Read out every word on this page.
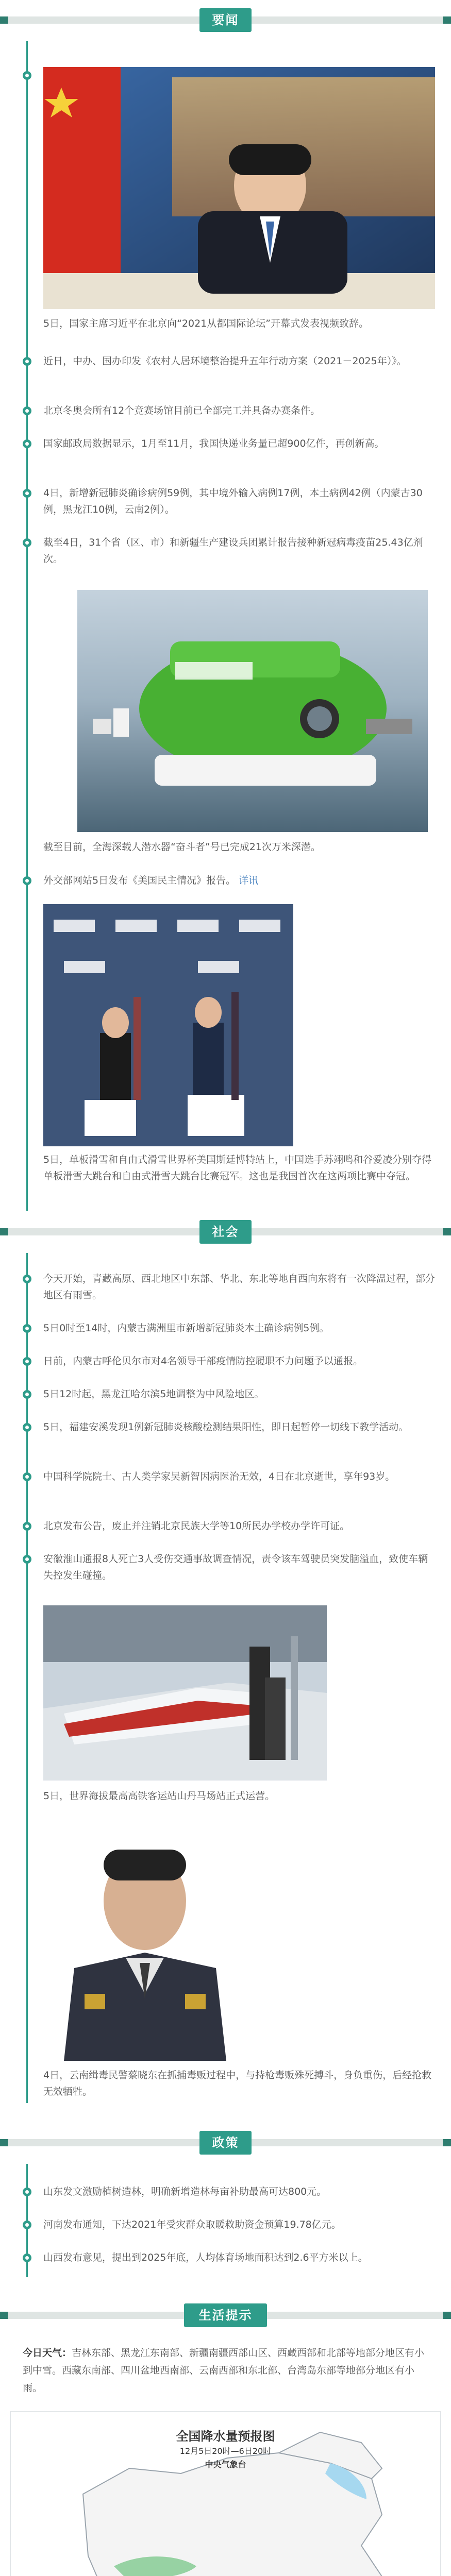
要闻
5日，国家主席习近平在北京向“2021从都国际论坛”开幕式发表视频致辞。
近日，中办、国办印发《农村人居环境整治提升五年行动方案（2021－2025年）》。
北京冬奥会所有12个竞赛场馆目前已全部完工并具备办赛条件。
国家邮政局数据显示，1月至11月，我国快递业务量已超900亿件，再创新高。
4日，新增新冠肺炎确诊病例59例，其中境外输入病例17例，本土病例42例（内蒙古30例，黑龙江10例，云南2例）。
截至4日，31个省（区、市）和新疆生产建设兵团累计报告接种新冠病毒疫苗25.43亿剂次。
截至目前，全海深载人潜水器“奋斗者”号已完成21次万米深潜。
外交部网站5日发布《美国民主情况》报告。 详讯
5日，单板滑雪和自由式滑雪世界杯美国斯廷博特站上，中国选手苏翊鸣和谷爱凌分别夺得单板滑雪大跳台和自由式滑雪大跳台比赛冠军。这也是我国首次在这两项比赛中夺冠。
社会
今天开始，青藏高原、西北地区中东部、华北、东北等地自西向东将有一次降温过程，部分地区有雨雪。
5日0时至14时，内蒙古满洲里市新增新冠肺炎本土确诊病例5例。
日前，内蒙古呼伦贝尔市对4名领导干部疫情防控履职不力问题予以通报。
5日12时起，黑龙江哈尔滨5地调整为中风险地区。
5日，福建安溪发现1例新冠肺炎核酸检测结果阳性，即日起暂停一切线下教学活动。
中国科学院院士、古人类学家吴新智因病医治无效，4日在北京逝世，享年93岁。
北京发布公告，废止并注销北京民族大学等10所民办学校办学许可证。
安徽淮山通报8人死亡3人受伤交通事故调查情况，责令该车驾驶员突发脑溢血，致使车辆失控发生碰撞。
5日，世界海拔最高高铁客运站山丹马场站正式运营。
4日，云南缉毒民警蔡晓东在抓捕毒贩过程中，与持枪毒贩殊死搏斗，身负重伤，后经抢救无效牺牲。
政策
山东发文激励植树造林，明确新增造林每亩补助最高可达800元。
河南发布通知，下达2021年受灾群众取暖救助资金预算19.78亿元。
山西发布意见，提出到2025年底，人均体育场地面积达到2.6平方米以上。
生活提示
今日天气：吉林东部、黑龙江东南部、新疆南疆西部山区、西藏西部和北部等地部分地区有小到中雪。西藏东南部、四川盆地西南部、云南西部和东北部、台湾岛东部等地部分地区有小雨。
全国降水量预报图
12月5日20时—6日20时
中央气象台
